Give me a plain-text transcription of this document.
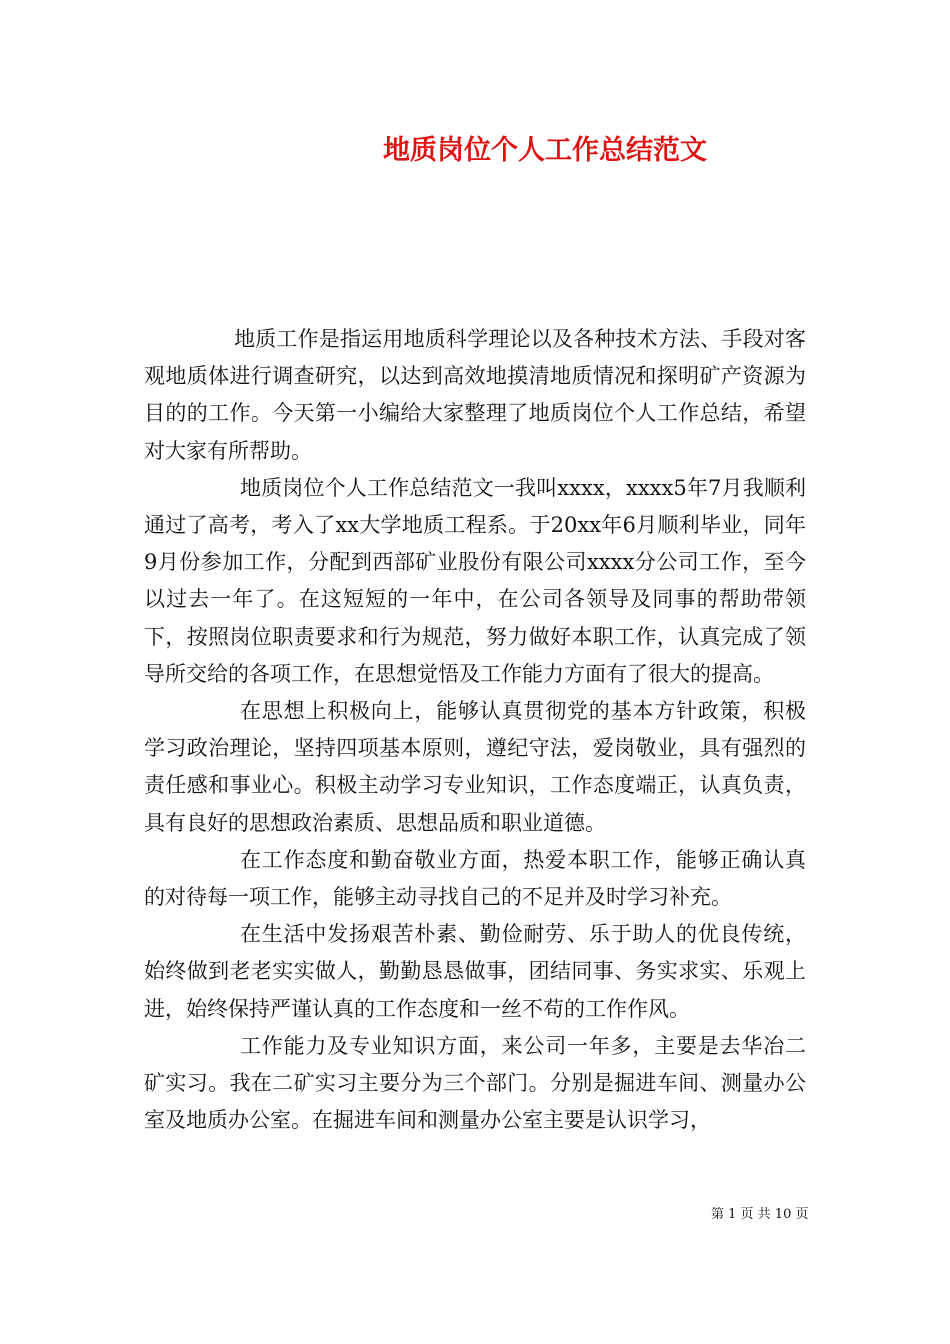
地质岗位个人工作总结范文

地质工作是指运用地质科学理论以及各种技术方法、手段对客观地质体进行调查研究，以达到高效地摸清地质情况和探明矿产资源为目的的工作。今天第一小编给大家整理了地质岗位个人工作总结，希望对大家有所帮助。

地质岗位个人工作总结范文一我叫xxxx，xxxx5年7月我顺利通过了高考，考入了xx大学地质工程系。于20xx年6月顺利毕业，同年9月份参加工作，分配到西部矿业股份有限公司xxxx分公司工作，至今以过去一年了。在这短短的一年中，在公司各领导及同事的帮助带领下，按照岗位职责要求和行为规范，努力做好本职工作，认真完成了领导所交给的各项工作，在思想觉悟及工作能力方面有了很大的提高。

在思想上积极向上，能够认真贯彻党的基本方针政策，积极学习政治理论，坚持四项基本原则，遵纪守法，爱岗敬业，具有强烈的责任感和事业心。积极主动学习专业知识，工作态度端正，认真负责，具有良好的思想政治素质、思想品质和职业道德。

在工作态度和勤奋敬业方面，热爱本职工作，能够正确认真的对待每一项工作，能够主动寻找自己的不足并及时学习补充。

在生活中发扬艰苦朴素、勤俭耐劳、乐于助人的优良传统，始终做到老老实实做人，勤勤恳恳做事，团结同事、务实求实、乐观上进，始终保持严谨认真的工作态度和一丝不苟的工作作风。

工作能力及专业知识方面，来公司一年多，主要是去华冶二矿实习。我在二矿实习主要分为三个部门。分别是掘进车间、测量办公室及地质办公室。在掘进车间和测量办公室主要是认识学习，

第 1 页 共 10 页
